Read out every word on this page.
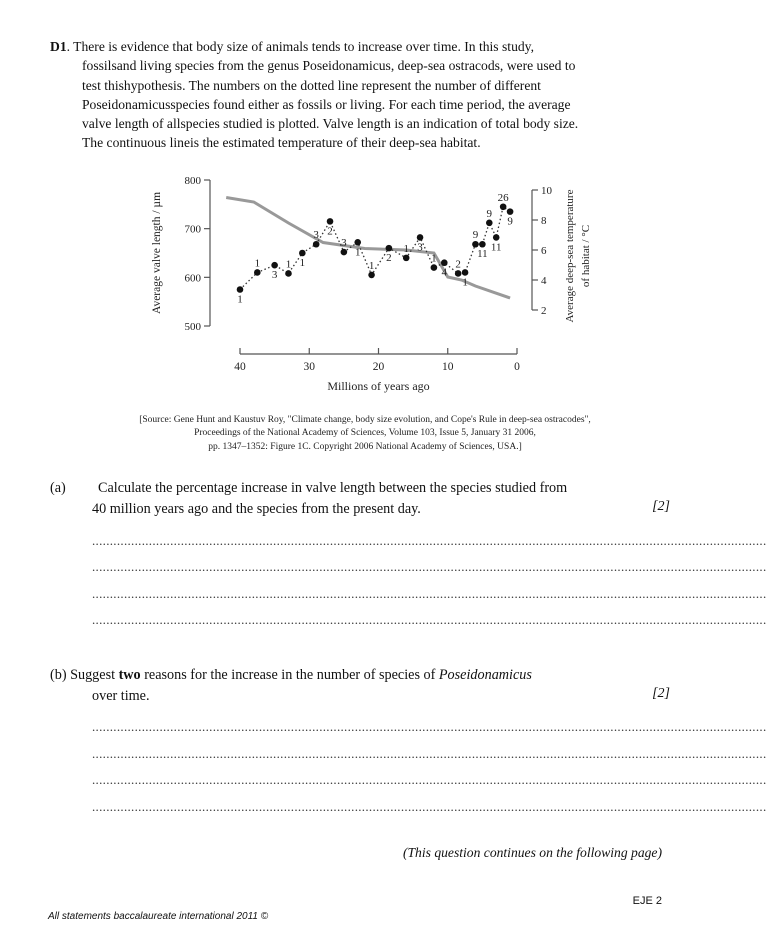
D1. There is evidence that body size of animals tends to increase over time. In this study,
fossilsand living species from the genus Poseidonamicus, deep-sea ostracods, were used to
test thishypothesis. The numbers on the dotted line represent the number of different
Poseidonamicusspecies found either as fossils or living. For each time period, the average
valve length of allspecies studied is plotted. Valve length is an indication of total body size.
The continuous lineis the estimated temperature of their deep-sea habitat.
800
700
600
500
Average valve length / µm
10
8
6
4
2 Average deep-sea temperature of habitat / °C
40	30	20	10	0
Millions of years ago
1
1
3
1 1
3 2
3
1
1
2
1 3
1
4
2
1
9
11
9
11
26
9
[Source: Gene Hunt and Kaustuv Roy, "Climate change, body size evolution, and Cope's Rule in deep-sea ostracodes",
Proceedings of the National Academy of Sciences, Volume 103, Issue 5, January 31 2006,
pp. 1347–1352: Figure 1C. Copyright 2006 National Academy of Sciences, USA.]
(a) Calculate the percentage increase in valve length between the species studied from
40 million years ago and the species from the present day.	[2]
..............................................................................................................................................................................................
..............................................................................................................................................................................................
..............................................................................................................................................................................................
..............................................................................................................................................................................................
(b) Suggest two reasons for the increase in the number of species of Poseidonamicus
over time.	[2]
..............................................................................................................................................................................................
..............................................................................................................................................................................................
..............................................................................................................................................................................................
..............................................................................................................................................................................................
(This question continues on the following page)
EJE 2
All statements baccalaureate international 2011 ©
